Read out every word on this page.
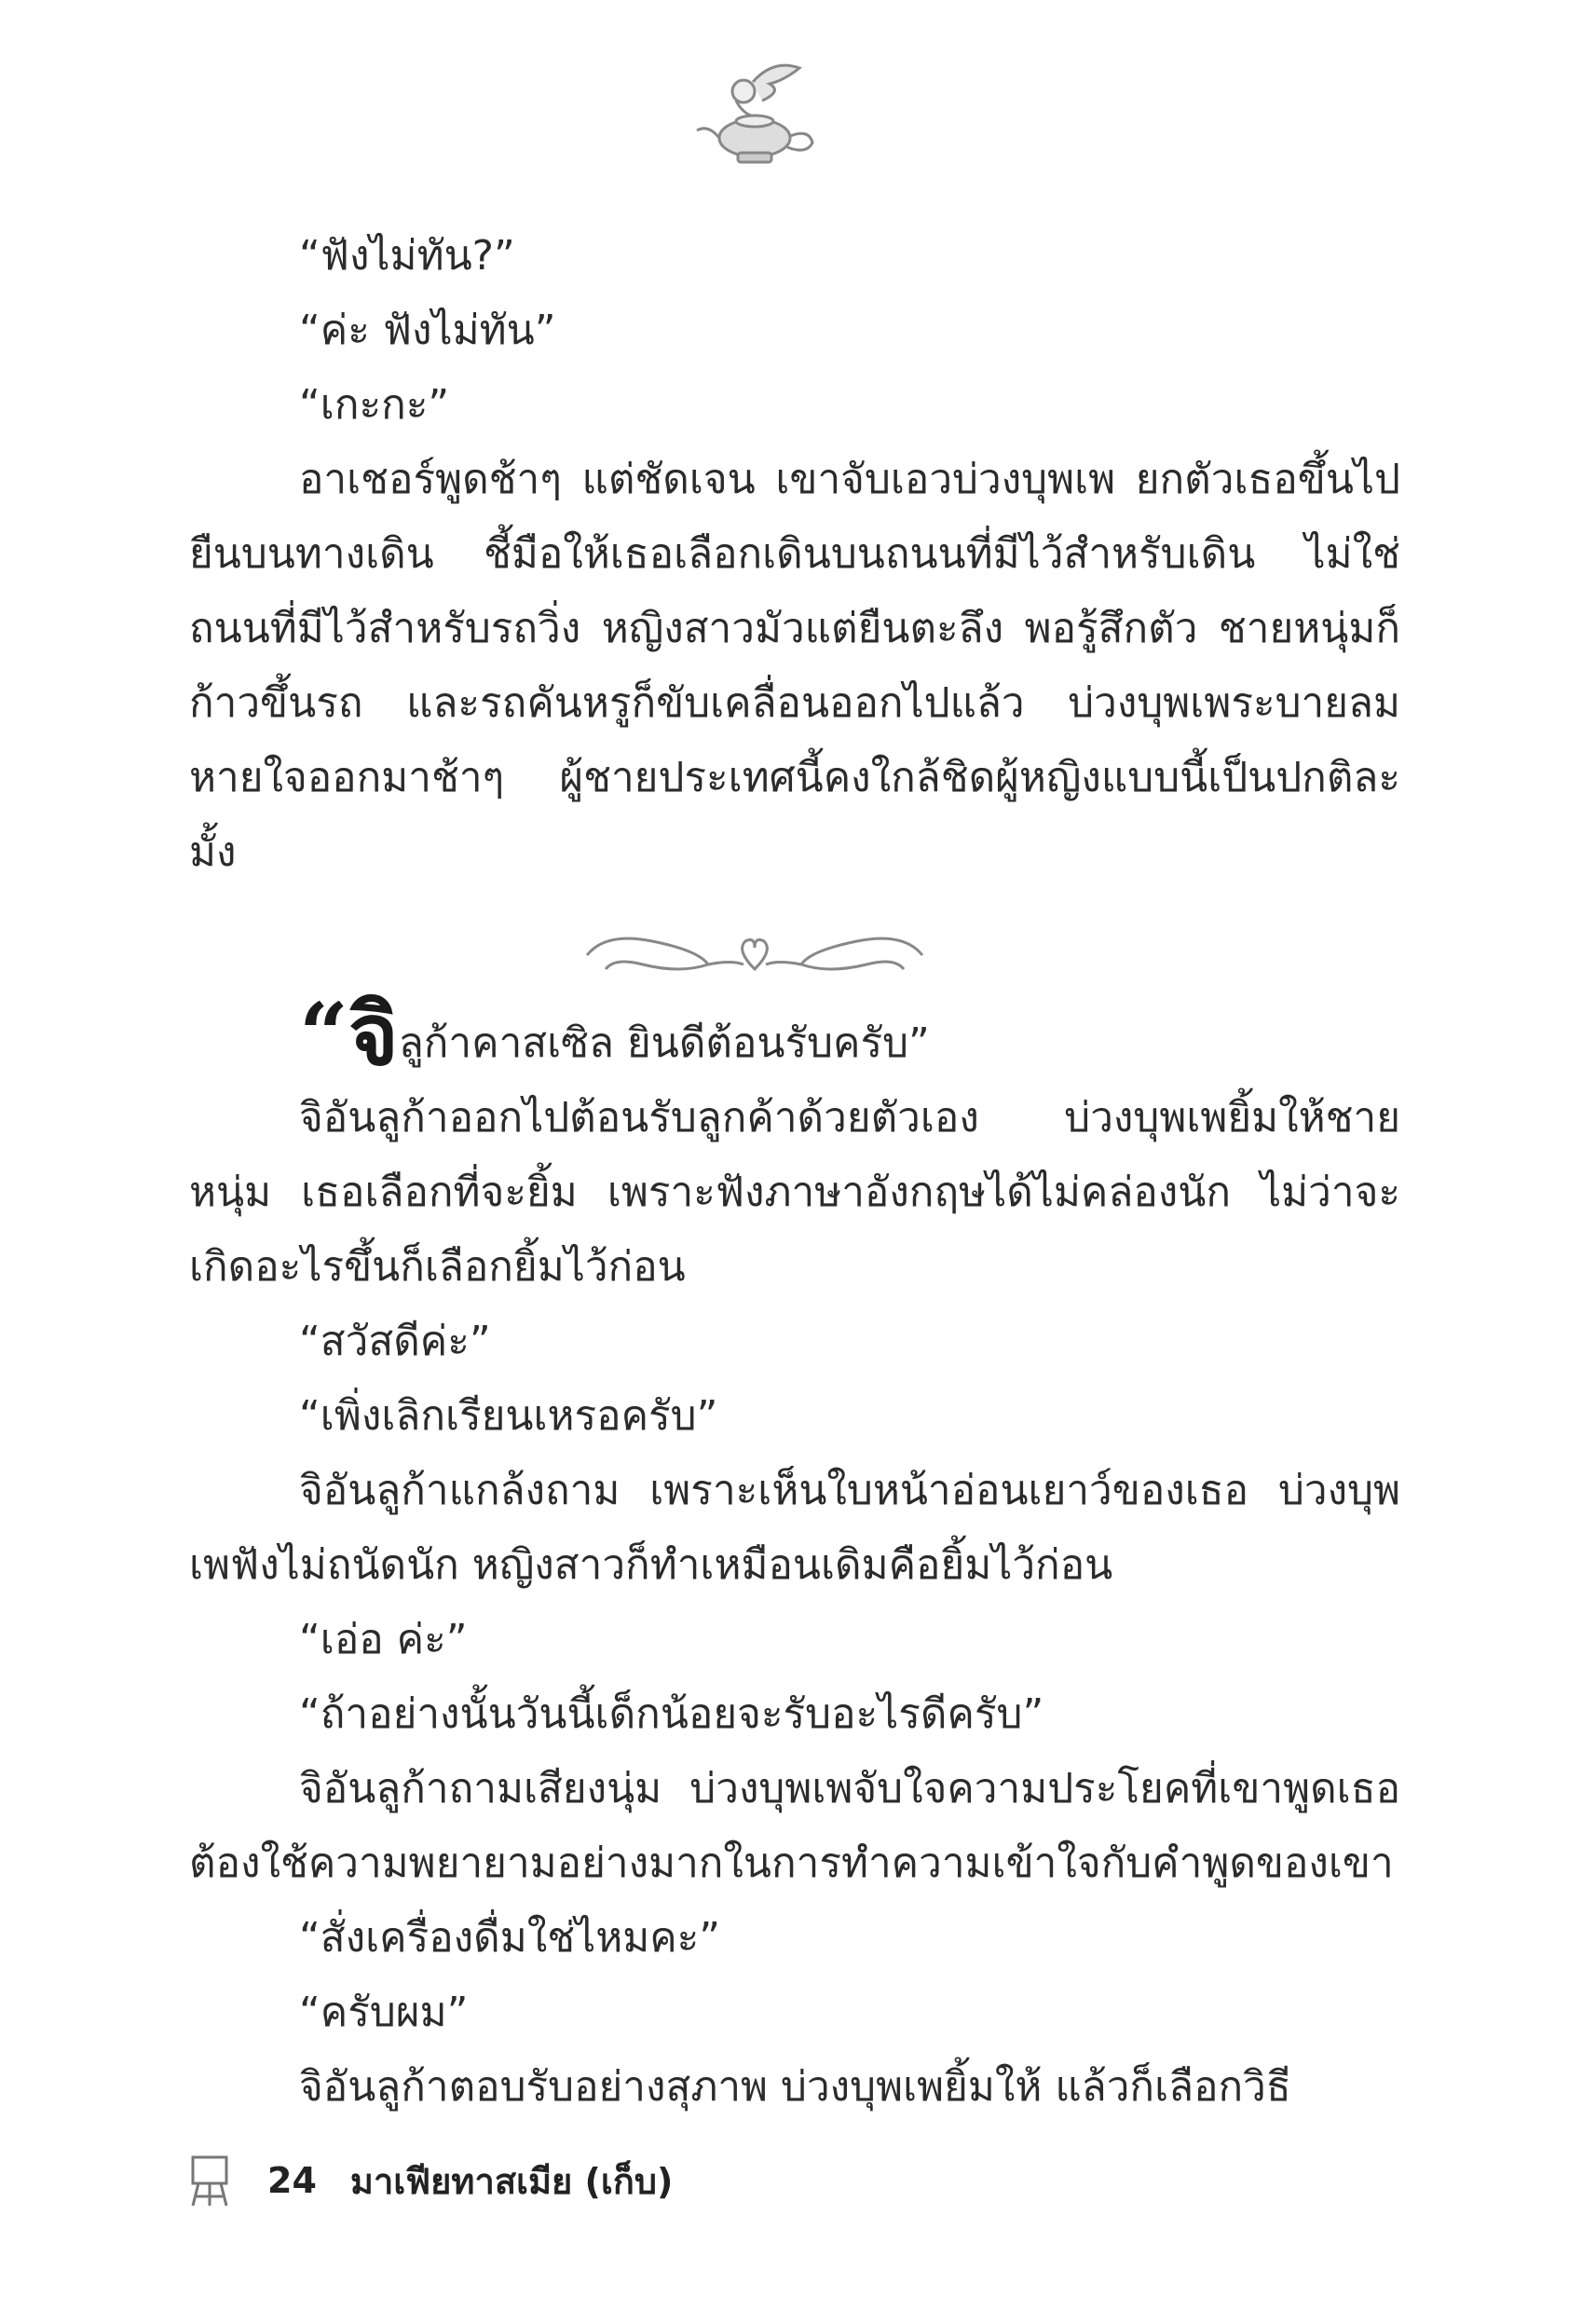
“ฟังไม่ทัน?”

“ค่ะ ฟังไม่ทัน”

“เกะกะ”

อาเชอร์พูดช้าๆ แต่ชัดเจน เขาจับเอวบ่วงบุพเพ ยกตัวเธอขึ้นไปยืนบนทางเดิน ชี้มือให้เธอเลือกเดินบนถนนที่มีไว้สำหรับเดิน ไม่ใช่ถนนที่มีไว้สำหรับรถวิ่ง หญิงสาวมัวแต่ยืนตะลึง พอรู้สึกตัว ชายหนุ่มก็ก้าวขึ้นรถ และรถคันหรูก็ขับเคลื่อนออกไปแล้ว บ่วงบุพเพระบายลมหายใจออกมาช้าๆ ผู้ชายประเทศนี้คงใกล้ชิดผู้หญิงแบบนี้เป็นปกติละมั้ง

“จิลูก้าคาสเซิล ยินดีต้อนรับครับ”

จิอันลูก้าออกไปต้อนรับลูกค้าด้วยตัวเอง บ่วงบุพเพยิ้มให้ชายหนุ่ม เธอเลือกที่จะยิ้ม เพราะฟังภาษาอังกฤษได้ไม่คล่องนัก ไม่ว่าจะเกิดอะไรขึ้นก็เลือกยิ้มไว้ก่อน

“สวัสดีค่ะ”

“เพิ่งเลิกเรียนเหรอครับ”

จิอันลูก้าแกล้งถาม เพราะเห็นใบหน้าอ่อนเยาว์ของเธอ บ่วงบุพเพฟังไม่ถนัดนัก หญิงสาวก็ทำเหมือนเดิมคือยิ้มไว้ก่อน

“เอ่อ ค่ะ”

“ถ้าอย่างนั้นวันนี้เด็กน้อยจะรับอะไรดีครับ”

จิอันลูก้าถามเสียงนุ่ม บ่วงบุพเพจับใจความประโยคที่เขาพูดเธอต้องใช้ความพยายามอย่างมากในการทำความเข้าใจกับคำพูดของเขา

“สั่งเครื่องดื่มใช่ไหมคะ”

“ครับผม”

จิอันลูก้าตอบรับอย่างสุภาพ บ่วงบุพเพยิ้มให้ แล้วก็เลือกวิธี

24 มาเฟียทาสเมีย (เก็บ)
